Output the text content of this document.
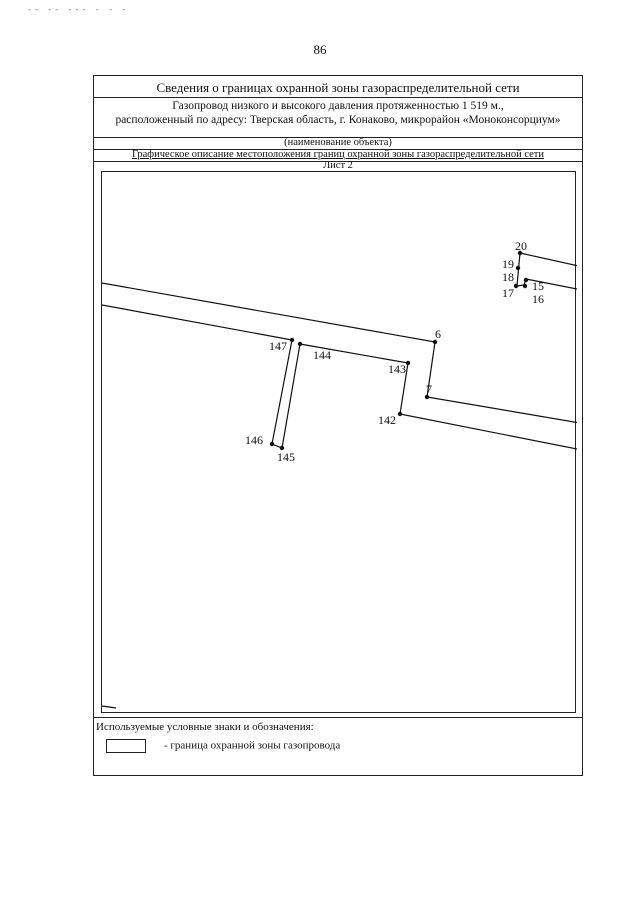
-- -- --- - - -
86
Сведения о границах охранной зоны газораспределительной сети
Газопровод низкого и высокого давления протяженностью 1 519 м.,
расположенный по адресу: Тверская область, г. Конаково, микрорайон «Моноконсорциум»
(наименование объекта)
Графическое описание местоположения границ охранной зоны газораспределительной сети
Лист 2
20
19
18
17 15
16
6
147
144
143
7
142
146
145
Используемые условные знаки и обозначения:
- граница охранной зоны газопровода
